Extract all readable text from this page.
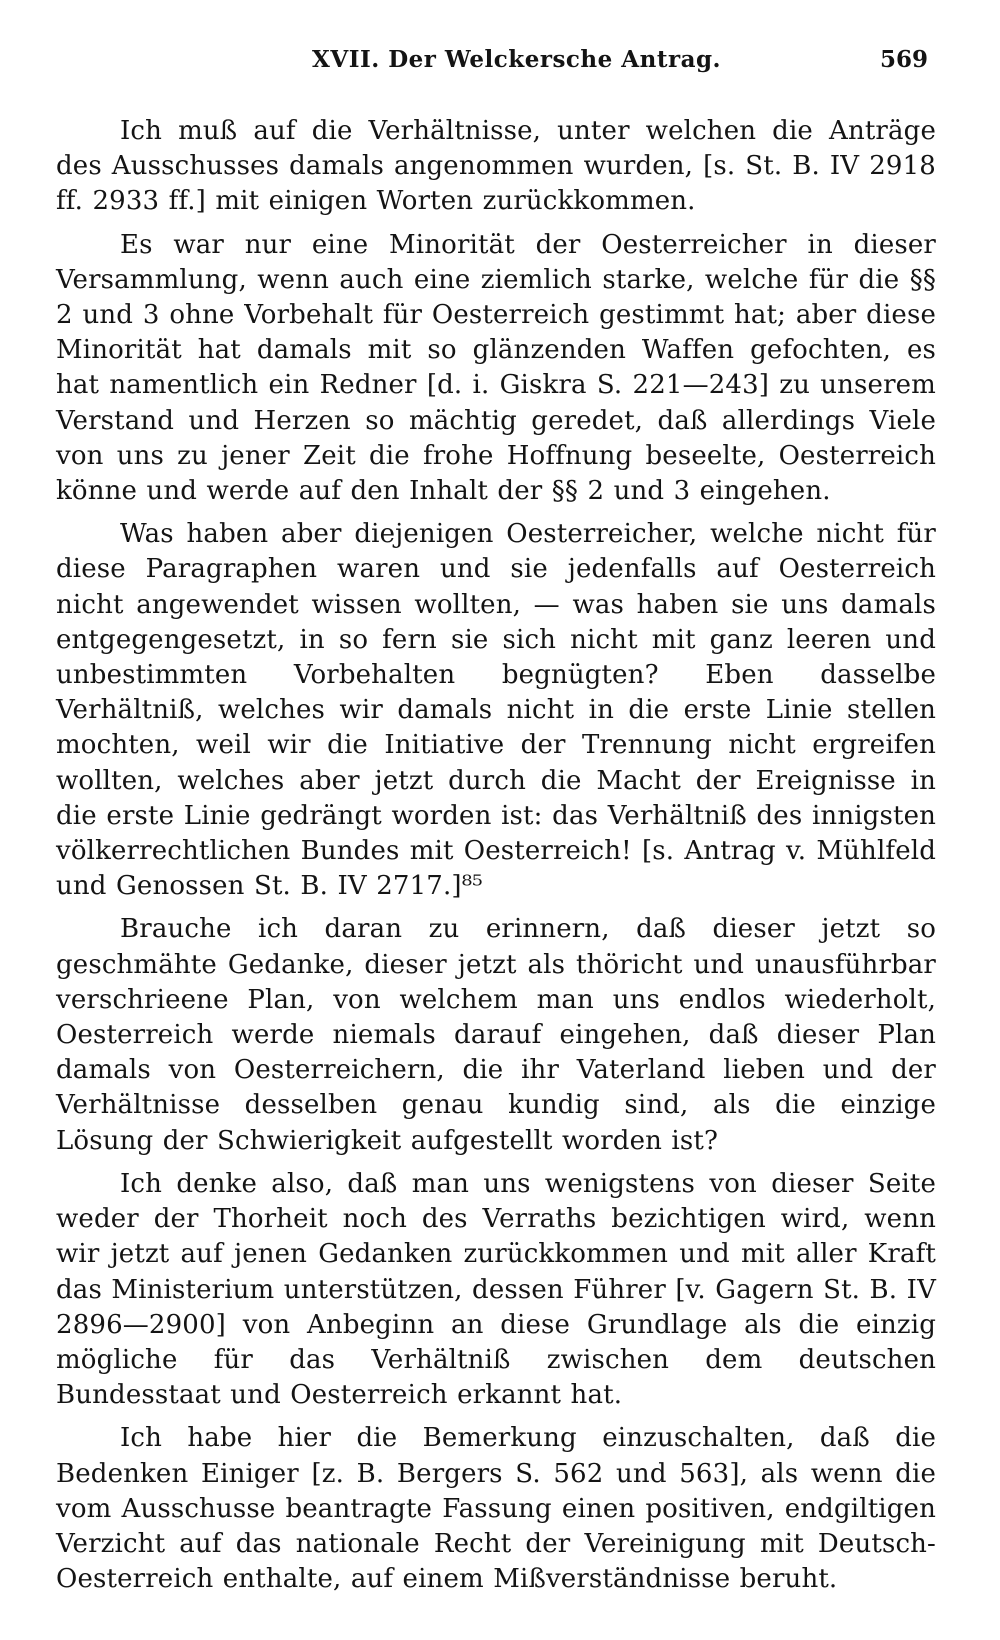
XVII. Der Welckersche Antrag.	569

Ich muß auf die Verhältnisse, unter welchen die Anträge des Ausschusses damals angenommen wurden, [s. St. B. IV 2918 ff. 2933 ff.] mit einigen Worten zurückkommen.

Es war nur eine Minorität der Oesterreicher in dieser Versammlung, wenn auch eine ziemlich starke, welche für die §§ 2 und 3 ohne Vorbehalt für Oesterreich gestimmt hat; aber diese Minorität hat damals mit so glänzenden Waffen gefochten, es hat namentlich ein Redner [d. i. Giskra S. 221—243] zu unserem Verstand und Herzen so mächtig geredet, daß allerdings Viele von uns zu jener Zeit die frohe Hoffnung beseelte, Oesterreich könne und werde auf den Inhalt der §§ 2 und 3 eingehen.

Was haben aber diejenigen Oesterreicher, welche nicht für diese Paragraphen waren und sie jedenfalls auf Oesterreich nicht angewendet wissen wollten, — was haben sie uns damals entgegengesetzt, in so fern sie sich nicht mit ganz leeren und unbestimmten Vorbehalten begnügten? Eben dasselbe Verhältniß, welches wir damals nicht in die erste Linie stellen mochten, weil wir die Initiative der Trennung nicht ergreifen wollten, welches aber jetzt durch die Macht der Ereignisse in die erste Linie gedrängt worden ist: das Verhältniß des innigsten völkerrechtlichen Bundes mit Oesterreich! [s. Antrag v. Mühlfeld und Genossen St. B. IV 2717.]⁸⁵

Brauche ich daran zu erinnern, daß dieser jetzt so geschmähte Gedanke, dieser jetzt als thöricht und unausführbar verschrieene Plan, von welchem man uns endlos wiederholt, Oesterreich werde niemals darauf eingehen, daß dieser Plan damals von Oesterreichern, die ihr Vaterland lieben und der Verhältnisse desselben genau kundig sind, als die einzige Lösung der Schwierigkeit aufgestellt worden ist?

Ich denke also, daß man uns wenigstens von dieser Seite weder der Thorheit noch des Verraths bezichtigen wird, wenn wir jetzt auf jenen Gedanken zurückkommen und mit aller Kraft das Ministerium unterstützen, dessen Führer [v. Gagern St. B. IV 2896—2900] von Anbeginn an diese Grundlage als die einzig mögliche für das Verhältniß zwischen dem deutschen Bundesstaat und Oesterreich erkannt hat.

Ich habe hier die Bemerkung einzuschalten, daß die Bedenken Einiger [z. B. Bergers S. 562 und 563], als wenn die vom Ausschusse beantragte Fassung einen positiven, endgiltigen Verzicht auf das nationale Recht der Vereinigung mit Deutsch-Oesterreich enthalte, auf einem Mißverständnisse beruht.
